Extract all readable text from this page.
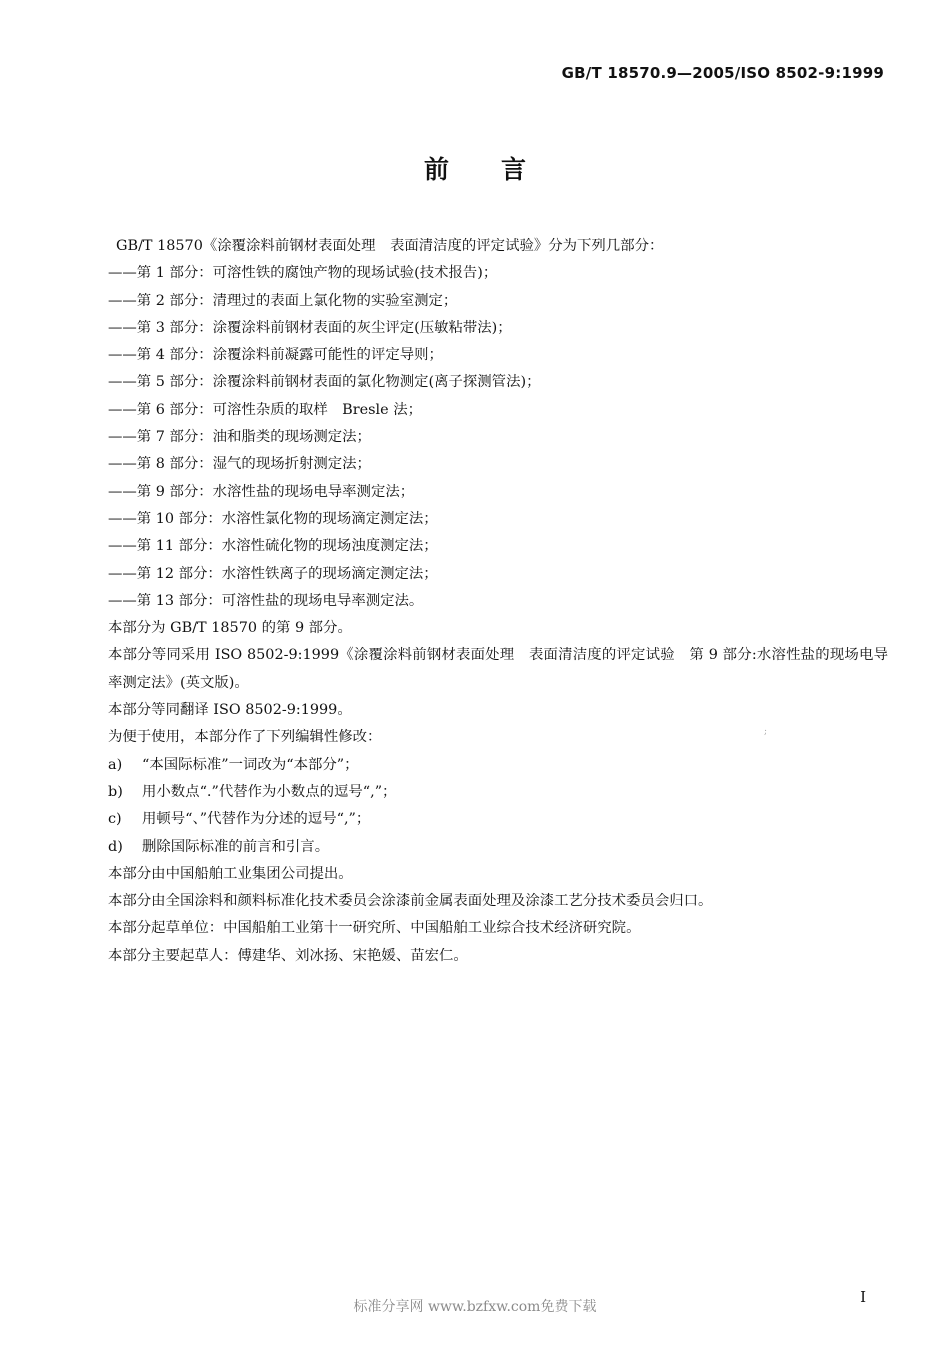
GB/T 18570.9—2005/ISO 8502-9:1999
前言
GB/T 18570《涂覆涂料前钢材表面处理　表面清洁度的评定试验》分为下列几部分：
——第 1 部分：可溶性铁的腐蚀产物的现场试验(技术报告)；
——第 2 部分：清理过的表面上氯化物的实验室测定；
——第 3 部分：涂覆涂料前钢材表面的灰尘评定(压敏粘带法)；
——第 4 部分：涂覆涂料前凝露可能性的评定导则；
——第 5 部分：涂覆涂料前钢材表面的氯化物测定(离子探测管法)；
——第 6 部分：可溶性杂质的取样　Bresle 法；
——第 7 部分：油和脂类的现场测定法；
——第 8 部分：湿气的现场折射测定法；
——第 9 部分：水溶性盐的现场电导率测定法；
——第 10 部分：水溶性氯化物的现场滴定测定法；
——第 11 部分：水溶性硫化物的现场浊度测定法；
——第 12 部分：水溶性铁离子的现场滴定测定法；
——第 13 部分：可溶性盐的现场电导率测定法。
本部分为 GB/T 18570 的第 9 部分。
本部分等同采用 ISO 8502-9:1999《涂覆涂料前钢材表面处理　表面清洁度的评定试验　第 9 部分:水溶性盐的现场电导率测定法》(英文版)。
本部分等同翻译 ISO 8502-9:1999。
为便于使用，本部分作了下列编辑性修改：
a) “本国际标准”一词改为“本部分”；
b) 用小数点“.”代替作为小数点的逗号“,”；
c) 用顿号“、”代替作为分述的逗号“,”；
d) 删除国际标准的前言和引言。
本部分由中国船舶工业集团公司提出。
本部分由全国涂料和颜料标准化技术委员会涂漆前金属表面处理及涂漆工艺分技术委员会归口。
本部分起草单位：中国船舶工业第十一研究所、中国船舶工业综合技术经济研究院。
本部分主要起草人：傅建华、刘冰扬、宋艳媛、苗宏仁。
;
标准分享网 www.bzfxw.com免费下载
I
